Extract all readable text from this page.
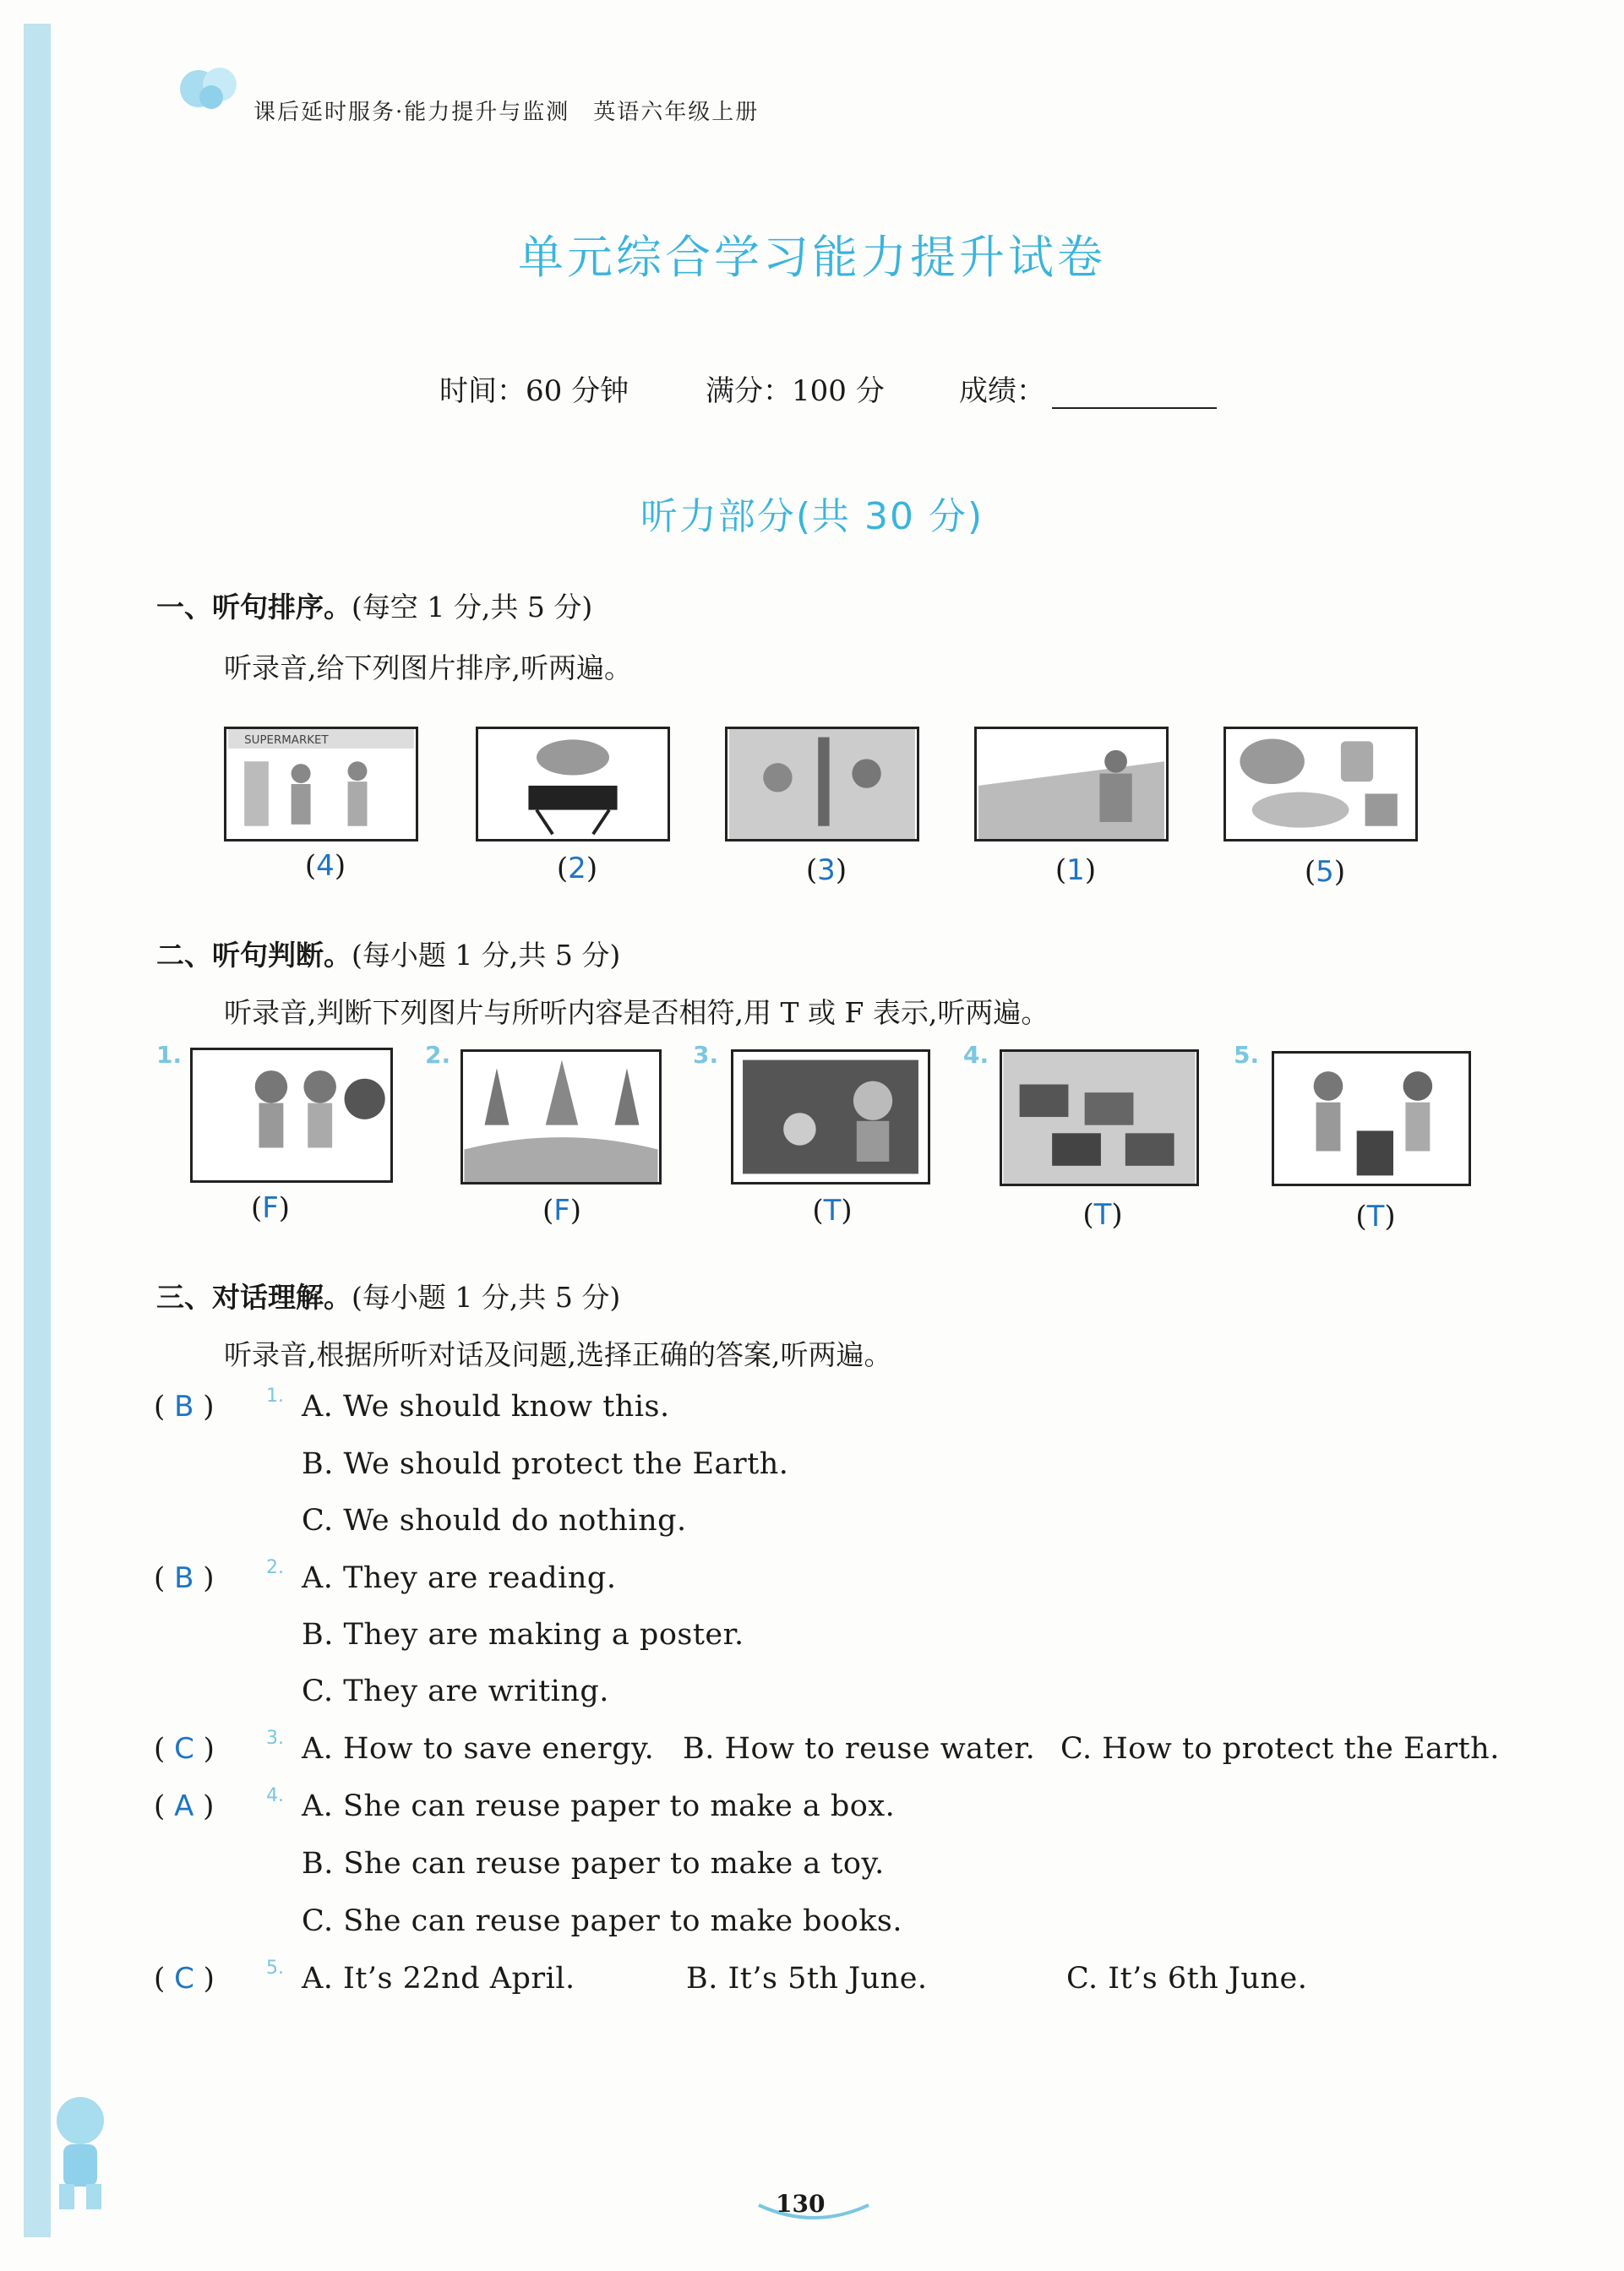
课后延时服务·能力提升与监测　英语六年级上册
单元综合学习能力提升试卷
时间：60 分钟	满分：100 分	成绩：
听力部分(共 30 分)
一、听句排序。(每空 1 分,共 5 分)
听录音,给下列图片排序,听两遍。
SUPERMARKET
(4)	(2)	(3)	(1)	(5)
二、听句判断。(每小题 1 分,共 5 分)
听录音,判断下列图片与所听内容是否相符,用 T 或 F 表示,听两遍。
1.	2.	3.	4.	5.
(F)	(F)	(T)	(T)	(T)
三、对话理解。(每小题 1 分,共 5 分)
听录音,根据所听对话及问题,选择正确的答案,听两遍。
( B )	1. A. We should know this.
B. We should protect the Earth.
C. We should do nothing.
( B )	2. A. They are reading.
B. They are making a poster.
C. They are writing.
( C )	3. A. How to save energy. B. How to reuse water. C. How to protect the Earth.
( A )	4. A. She can reuse paper to make a box.
B. She can reuse paper to make a toy.
C. She can reuse paper to make books.
( C )	5. A. It’s 22nd April.	B. It’s 5th June.	C. It’s 6th June.
130
